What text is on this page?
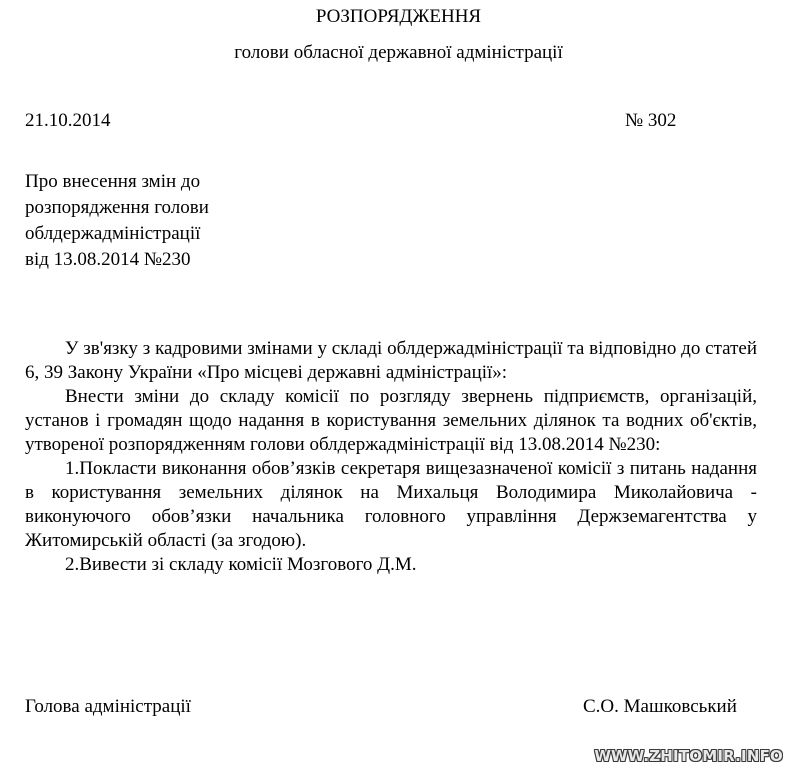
РОЗПОРЯДЖЕННЯ
голови обласної державної адміністрації
21.10.2014	№ 302
Про внесення змін до
розпорядження голови
облдержадміністрації
від 13.08.2014 №230

У зв'язку з кадровими змінами у складі облдержадміністрації та відповідно до статей 6, 39 Закону України «Про місцеві державні адміністрації»:

Внести зміни до складу комісії по розгляду звернень підприємств, організацій, установ і громадян щодо надання в користування земельних ділянок та водних об'єктів, утвореної розпорядженням голови облдержадміністрації від 13.08.2014 №230:

1.Покласти виконання обов’язків секретаря вищезазначеної комісії з питань надання в користування земельних ділянок на Михальця Володимира Миколайовича - виконуючого обов’язки начальника головного управління Держземагентства у Житомирській області (за згодою).

2.Вивести зі складу комісії Мозгового Д.М.

Голова адміністрації	С.О. Машковський
WWW.ZHITOMIR.INFO
